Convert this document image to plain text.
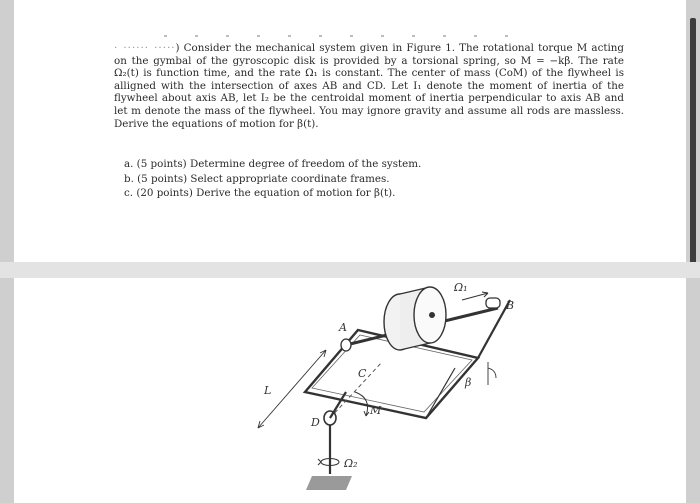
· ······ ·····) Consider the mechanical system given in Figure 1. The rotational torque M acting on the gymbal of the gyroscopic disk is provided by a torsional spring, so M = −kβ. The rate Ω₂(t) is function time, and the rate Ω₁ is constant. The center of mass (CoM) of the flywheel is alligned with the intersection of axes AB and CD. Let I₁ denote the moment of inertia of the flywheel about axis AB, let I₂ be the centroidal moment of inertia perpendicular to axis AB and let m denote the mass of the flywheel. You may ignore gravity and assume all rods are massless. Derive the equations of motion for β(t).
a. (5 points) Determine degree of freedom of the system.
b. (5 points) Select appropriate coordinate frames.
c. (20 points) Derive the equation of motion for β(t).
Ω₁
B
A
C
L
β
M
D
Ω₂
